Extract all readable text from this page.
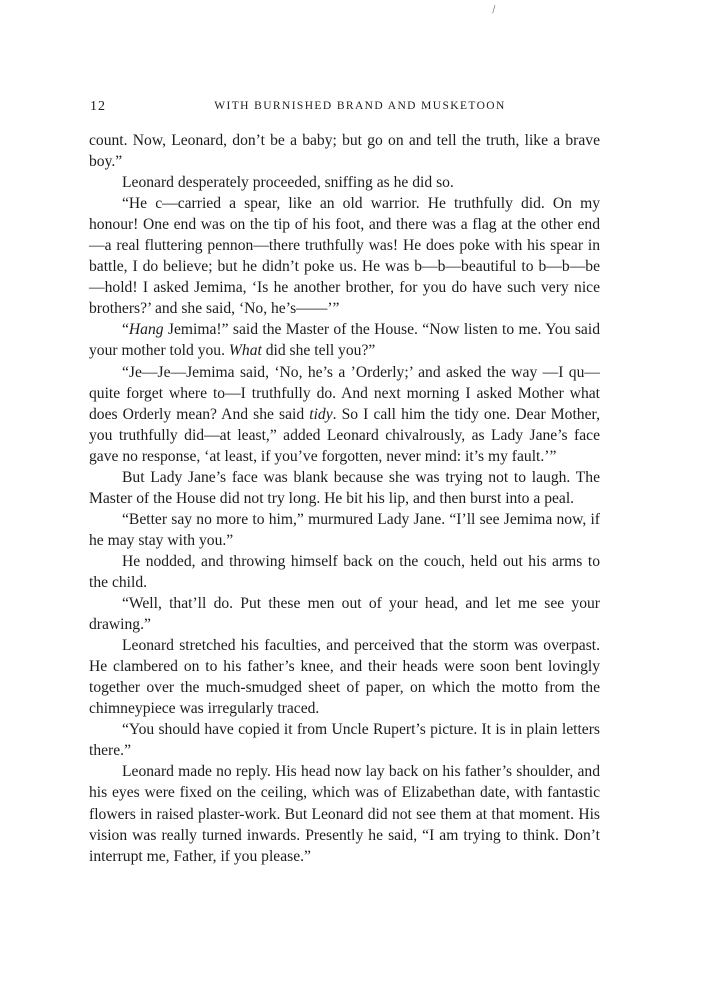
\
12	WITH BURNISHED BRAND AND MUSKETOON

count. Now, Leonard, don’t be a baby; but go on and tell the truth, like a brave boy.”

Leonard desperately proceeded, sniffing as he did so.

“He c—carried a spear, like an old warrior. He truthfully did. On my honour! One end was on the tip of his foot, and there was a flag at the other end—a real fluttering pennon—there truthfully was! He does poke with his spear in battle, I do believe; but he didn’t poke us. He was b—b—beautiful to b—b—be—hold! I asked Jemima, ‘Is he another brother, for you do have such very nice brothers?’ and she said, ‘No, he’s——’”

“Hang Jemima!” said the Master of the House. “Now listen to me. You said your mother told you. What did she tell you?”

“Je—Je—Jemima said, ‘No, he’s a ’Orderly;’ and asked the way —I qu—quite forget where to—I truthfully do. And next morning I asked Mother what does Orderly mean? And she said tidy. So I call him the tidy one. Dear Mother, you truthfully did—at least,” added Leonard chivalrously, as Lady Jane’s face gave no response, ‘at least, if you’ve forgotten, never mind: it’s my fault.’”

But Lady Jane’s face was blank because she was trying not to laugh. The Master of the House did not try long. He bit his lip, and then burst into a peal.

“Better say no more to him,” murmured Lady Jane. “I’ll see Jemima now, if he may stay with you.”

He nodded, and throwing himself back on the couch, held out his arms to the child.

“Well, that’ll do. Put these men out of your head, and let me see your drawing.”

Leonard stretched his faculties, and perceived that the storm was overpast. He clambered on to his father’s knee, and their heads were soon bent lovingly together over the much-smudged sheet of paper, on which the motto from the chimneypiece was irregularly traced.

“You should have copied it from Uncle Rupert’s picture. It is in plain letters there.”

Leonard made no reply. His head now lay back on his father’s shoulder, and his eyes were fixed on the ceiling, which was of Elizabethan date, with fantastic flowers in raised plaster-work. But Leonard did not see them at that moment. His vision was really turned inwards. Presently he said, “I am trying to think. Don’t interrupt me, Father, if you please.”
